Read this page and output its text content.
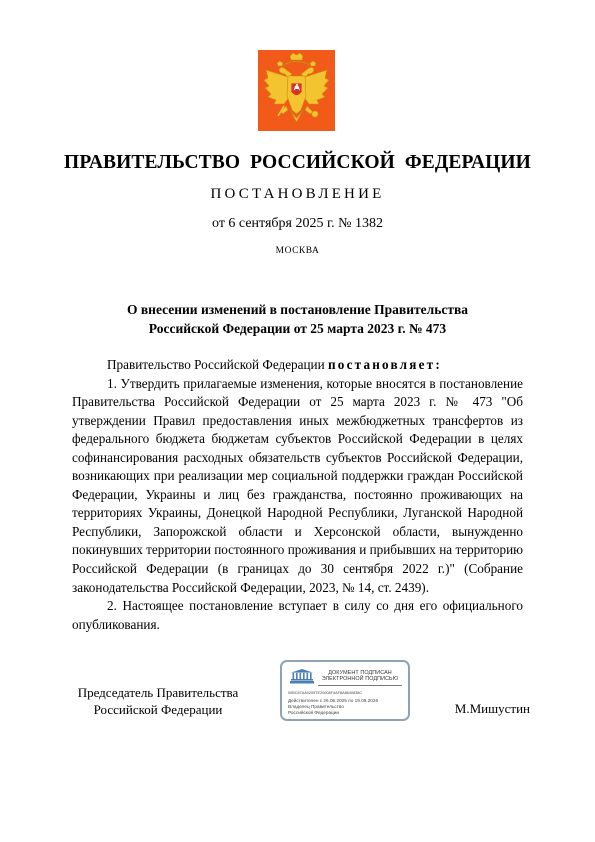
ПРАВИТЕЛЬСТВО РОССИЙСКОЙ ФЕДЕРАЦИИ
ПОСТАНОВЛЕНИЕ
от 6 сентября 2025 г. № 1382
МОСКВА
О внесении изменений в постановление Правительства
Российской Федерации от 25 марта 2023 г. № 473

Правительство Российской Федерации постановляет:

1. Утвердить прилагаемые изменения, которые вносятся в постановление Правительства Российской Федерации от 25 марта 2023 г. № 473 "Об утверждении Правил предоставления иных межбюджетных трансфертов из федерального бюджета бюджетам субъектов Российской Федерации в целях софинансирования расходных обязательств субъектов Российской Федерации, возникающих при реализации мер социальной поддержки граждан Российской Федерации, Украины и лиц без гражданства, постоянно проживающих на территориях Украины, Донецкой Народной Республики, Луганской Народной Республики, Запорожской области и Херсонской области, вынужденно покинувших территории постоянного проживания и прибывших на территорию Российской Федерации (в границах до 30 сентября 2022 г.)" (Собрание законодательства Российской Федерации, 2023, № 14, ст. 2439).

2. Настоящее постановление вступает в силу со дня его официального опубликования.

Председатель Правительства
Российской Федерации
ДОКУМЕНТ ПОДПИСАН
ЭЛЕКТРОННОЙ ПОДПИСЬЮ
00BC87AA0209TE20008F4AF8A8640838C
Действителен с 26.06.2025 по 19.09.2026
Владелец Правительство Российской Федерации	М.Мишустин
